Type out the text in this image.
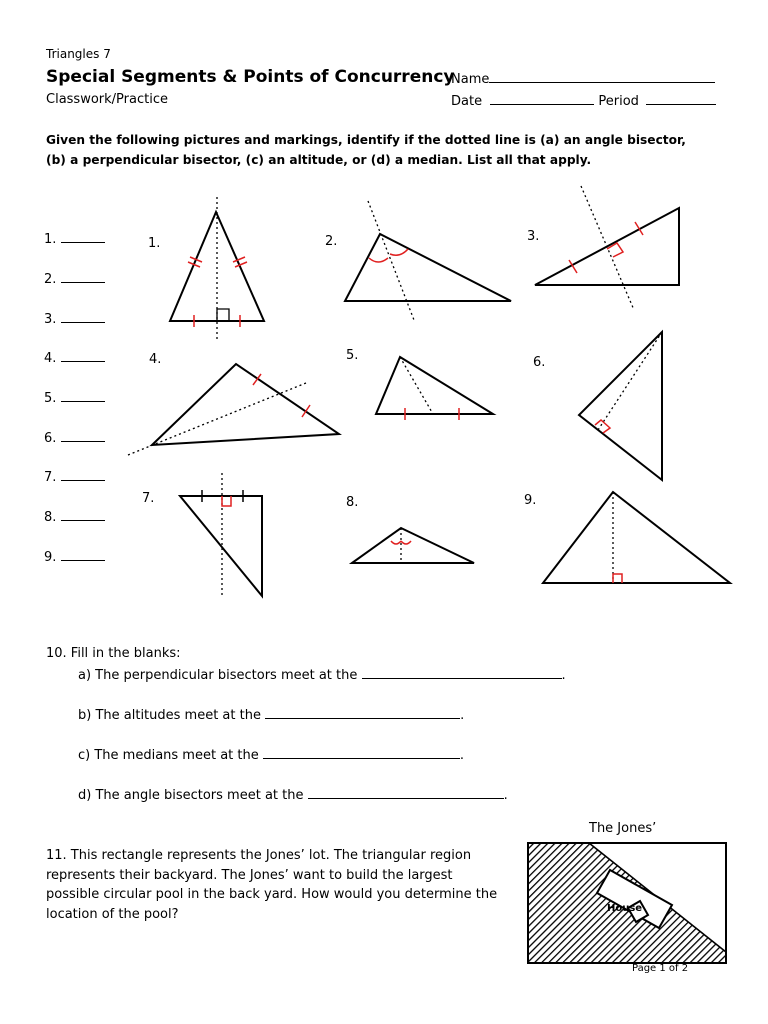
Triangles 7
Special Segments & Points of Concurrency
Classwork/Practice
Name
Date	Period
Given the following pictures and markings, identify if the dotted line is (a) an angle bisector,
(b) a perpendicular bisector, (c) an altitude, or (d) a median. List all that apply.
1.
2.
3.
4.
5.
6.
7.
8.
9.
1.	2.	3.
4.	5.	6.
7.	8.	9.
10. Fill in the blanks:
a) The perpendicular bisectors meet at the	.
b) The altitudes meet at the	.
c) The medians meet at the	.
d) The angle bisectors meet at the	.
11. This rectangle represents the Jones’ lot. The triangular region
represents their backyard. The Jones’ want to build the largest
possible circular pool in the back yard. How would you determine the
location of the pool?
The Jones’
House
Page 1 of 2
